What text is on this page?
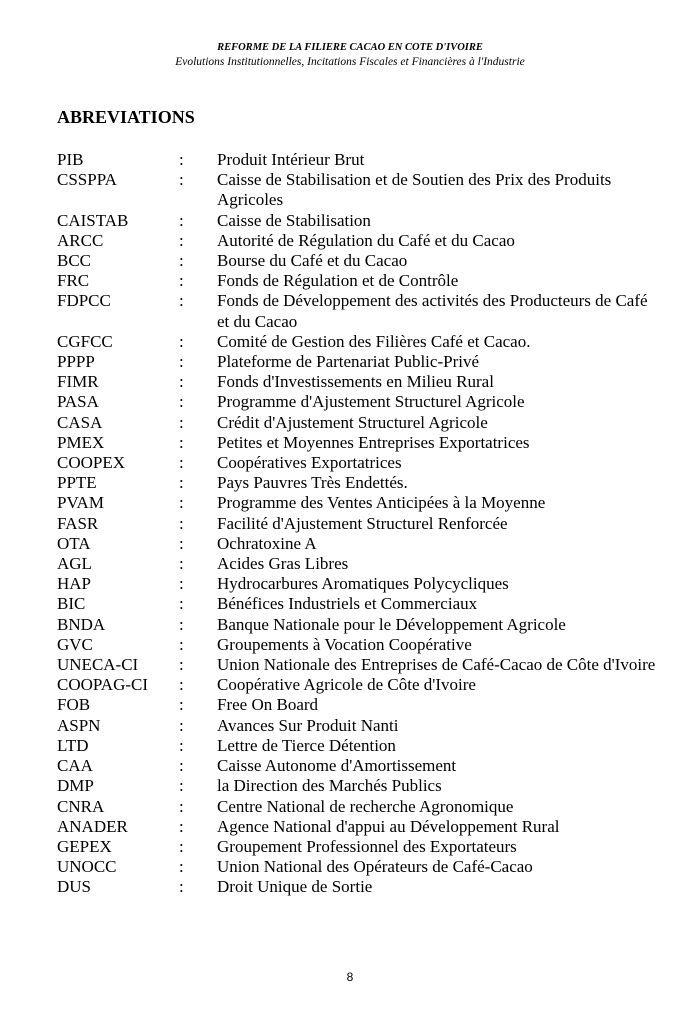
REFORME DE LA FILIERE CACAO EN COTE D'IVOIRE
Evolutions Institutionnelles, Incitations Fiscales et Financières à l'Industrie
ABREVIATIONS
PIB	:	Produit Intérieur Brut
CSSPPA	:	Caisse de Stabilisation et de Soutien des Prix des Produits Agricoles
CAISTAB	:	Caisse de Stabilisation
ARCC	:	Autorité de Régulation du Café et du Cacao
BCC	:	Bourse du Café et du Cacao
FRC	:	Fonds de Régulation et de Contrôle
FDPCC	:	Fonds de Développement des activités des Producteurs de Café et du Cacao
CGFCC	:	Comité de Gestion des Filières Café et Cacao.
PPPP	:	Plateforme de Partenariat Public-Privé
FIMR	:	Fonds d'Investissements en Milieu Rural
PASA	:	Programme d'Ajustement Structurel Agricole
CASA	:	Crédit d'Ajustement Structurel Agricole
PMEX	:	Petites et Moyennes Entreprises Exportatrices
COOPEX	:	Coopératives Exportatrices
PPTE	:	Pays Pauvres Très Endettés.
PVAM	:	Programme des Ventes Anticipées à la Moyenne
FASR	:	Facilité d'Ajustement Structurel Renforcée
OTA	:	Ochratoxine A
AGL	:	Acides Gras Libres
HAP	:	Hydrocarbures Aromatiques Polycycliques
BIC	:	Bénéfices Industriels et Commerciaux
BNDA	:	Banque Nationale pour le Développement Agricole
GVC	:	Groupements à Vocation Coopérative
UNECA-CI	:	Union Nationale des Entreprises de Café-Cacao de Côte d'Ivoire
COOPAG-CI	:	Coopérative Agricole de Côte d'Ivoire
FOB	:	Free On Board
ASPN	:	Avances Sur Produit Nanti
LTD	:	Lettre de Tierce Détention
CAA	:	Caisse Autonome d'Amortissement
DMP	:	la Direction des Marchés Publics
CNRA	:	Centre National de recherche Agronomique
ANADER	:	Agence National d'appui au Développement Rural
GEPEX	:	Groupement Professionnel des Exportateurs
UNOCC	:	Union National des Opérateurs de Café-Cacao
DUS	:	Droit Unique de Sortie
8
